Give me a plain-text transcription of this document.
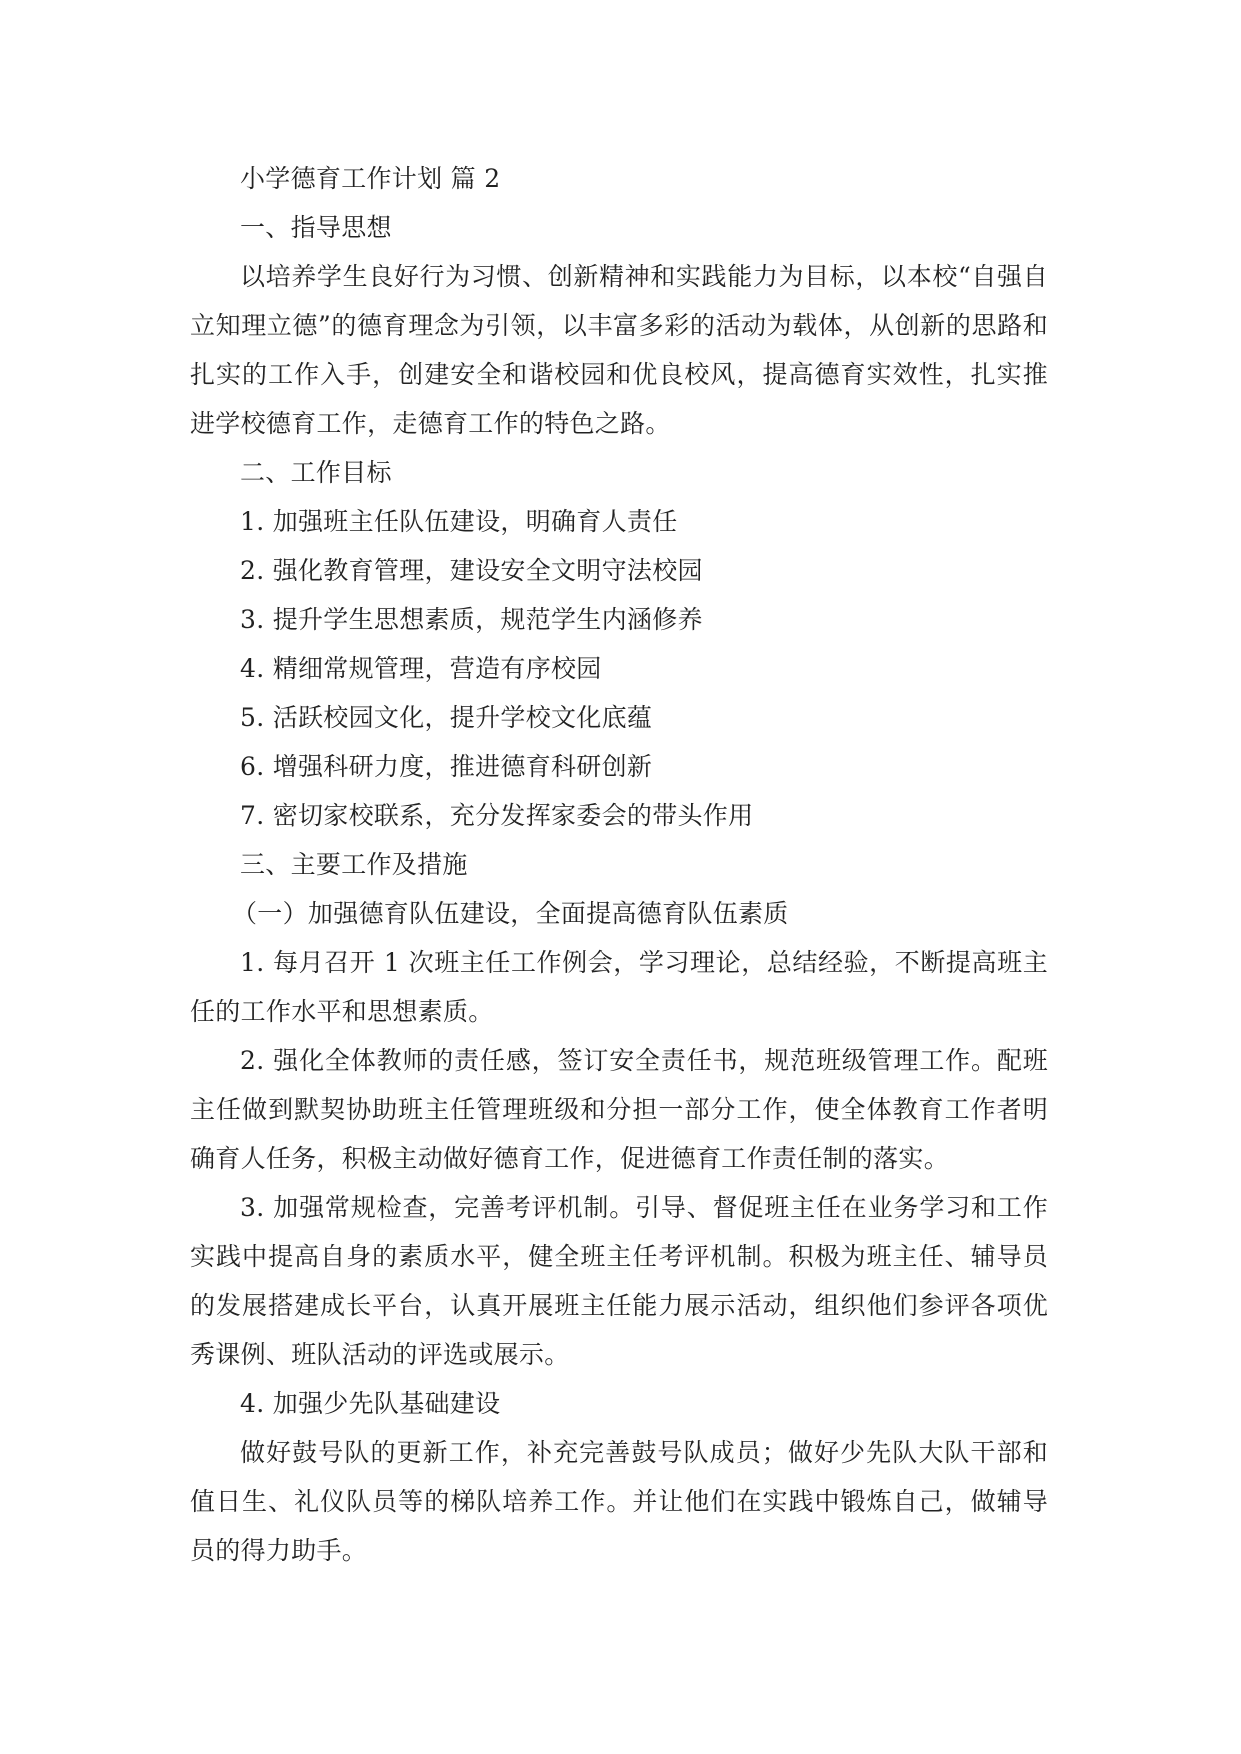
小学德育工作计划 篇 2

一、指导思想

以培养学生良好行为习惯、创新精神和实践能力为目标，以本校“自强自立知理立德”的德育理念为引领，以丰富多彩的活动为载体，从创新的思路和扎实的工作入手，创建安全和谐校园和优良校风，提高德育实效性，扎实推进学校德育工作，走德育工作的特色之路。

二、工作目标

1. 加强班主任队伍建设，明确育人责任

2. 强化教育管理，建设安全文明守法校园

3. 提升学生思想素质，规范学生内涵修养

4. 精细常规管理，营造有序校园

5. 活跃校园文化，提升学校文化底蕴

6. 增强科研力度，推进德育科研创新

7. 密切家校联系，充分发挥家委会的带头作用

三、主要工作及措施

（一）加强德育队伍建设，全面提高德育队伍素质

1. 每月召开 1 次班主任工作例会，学习理论，总结经验，不断提高班主任的工作水平和思想素质。

2. 强化全体教师的责任感，签订安全责任书，规范班级管理工作。配班主任做到默契协助班主任管理班级和分担一部分工作，使全体教育工作者明确育人任务，积极主动做好德育工作，促进德育工作责任制的落实。

3. 加强常规检查，完善考评机制。引导、督促班主任在业务学习和工作实践中提高自身的素质水平，健全班主任考评机制。积极为班主任、辅导员的发展搭建成长平台，认真开展班主任能力展示活动，组织他们参评各项优秀课例、班队活动的评选或展示。

4. 加强少先队基础建设

做好鼓号队的更新工作，补充完善鼓号队成员；做好少先队大队干部和值日生、礼仪队员等的梯队培养工作。并让他们在实践中锻炼自己，做辅导员的得力助手。
